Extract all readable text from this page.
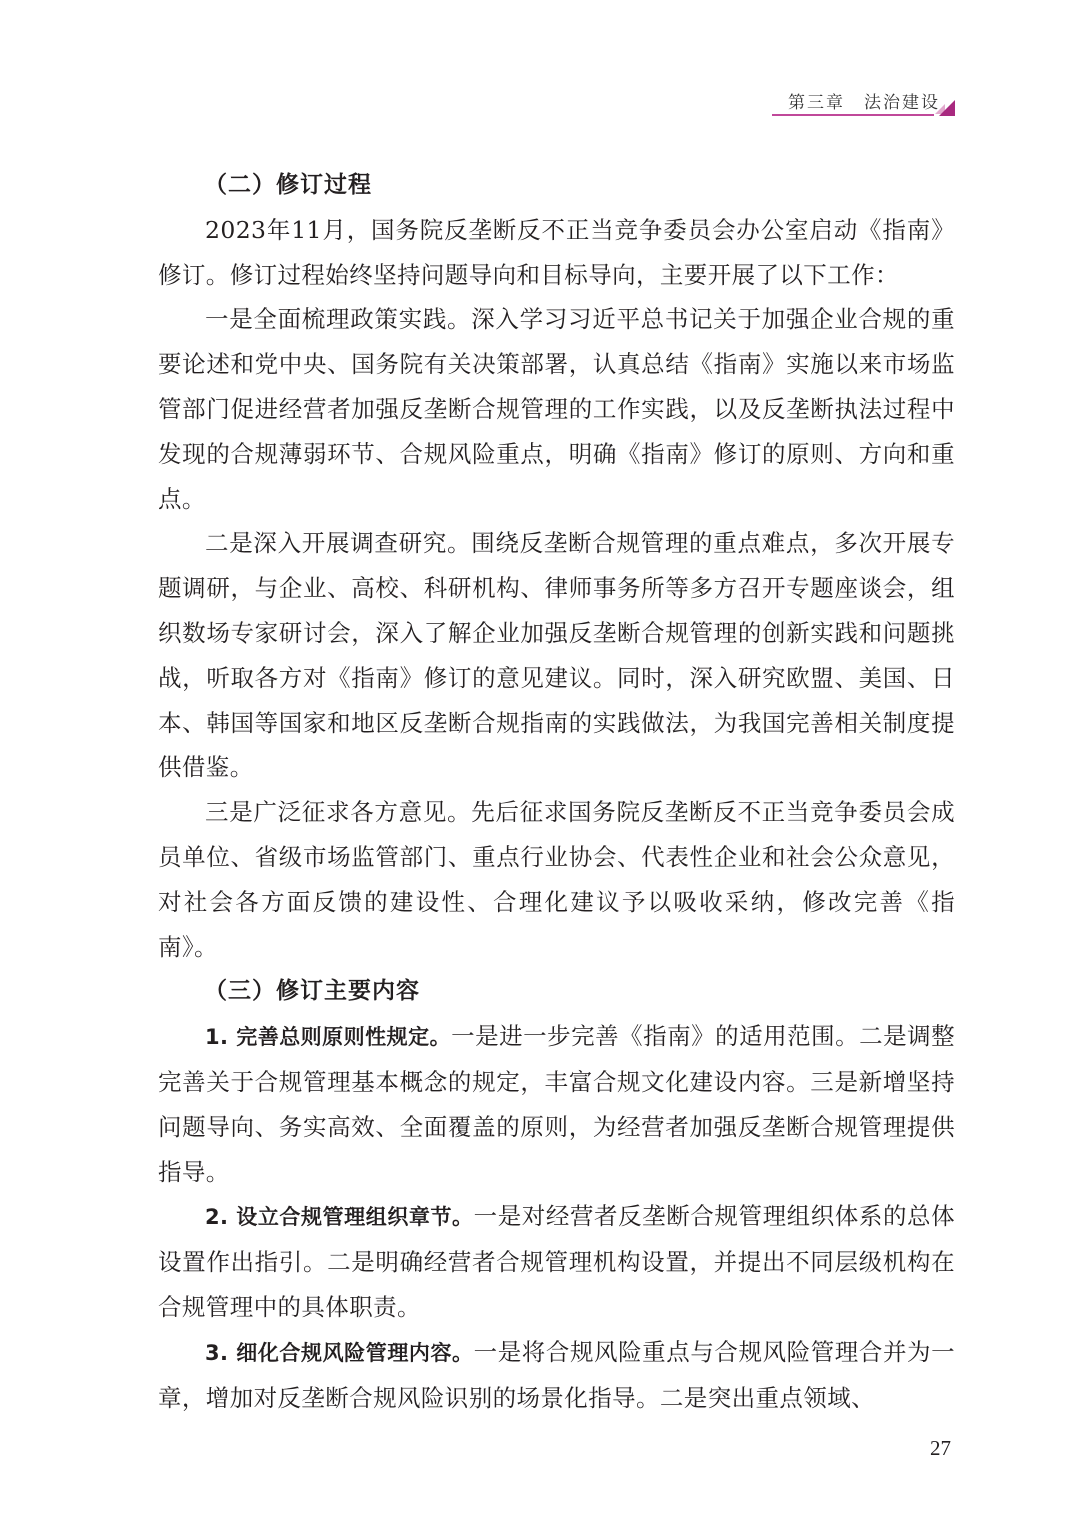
第三章　 法治建设
（二）修订过程

2023年11月，国务院反垄断反不正当竞争委员会办公室启动《指南》修订。修订过程始终坚持问题导向和目标导向，主要开展了以下工作：

一是全面梳理政策实践。深入学习习近平总书记关于加强企业合规的重要论述和党中央、国务院有关决策部署，认真总结《指南》实施以来市场监管部门促进经营者加强反垄断合规管理的工作实践，以及反垄断执法过程中发现的合规薄弱环节、合规风险重点，明确《指南》修订的原则、方向和重点。

二是深入开展调查研究。围绕反垄断合规管理的重点难点，多次开展专题调研，与企业、高校、科研机构、律师事务所等多方召开专题座谈会，组织数场专家研讨会，深入了解企业加强反垄断合规管理的创新实践和问题挑战，听取各方对《指南》修订的意见建议。同时，深入研究欧盟、美国、日本、韩国等国家和地区反垄断合规指南的实践做法，为我国完善相关制度提供借鉴。

三是广泛征求各方意见。先后征求国务院反垄断反不正当竞争委员会成员单位、省级市场监管部门、重点行业协会、代表性企业和社会公众意见，对社会各方面反馈的建设性、合理化建议予以吸收采纳，修改完善《指南》。

（三）修订主要内容

1. 完善总则原则性规定。一是进一步完善《指南》的适用范围。二是调整完善关于合规管理基本概念的规定，丰富合规文化建设内容。三是新增坚持问题导向、务实高效、全面覆盖的原则，为经营者加强反垄断合规管理提供指导。

2. 设立合规管理组织章节。一是对经营者反垄断合规管理组织体系的总体设置作出指引。二是明确经营者合规管理机构设置，并提出不同层级机构在合规管理中的具体职责。

3. 细化合规风险管理内容。一是将合规风险重点与合规风险管理合并为一章，增加对反垄断合规风险识别的场景化指导。二是突出重点领域、

27
